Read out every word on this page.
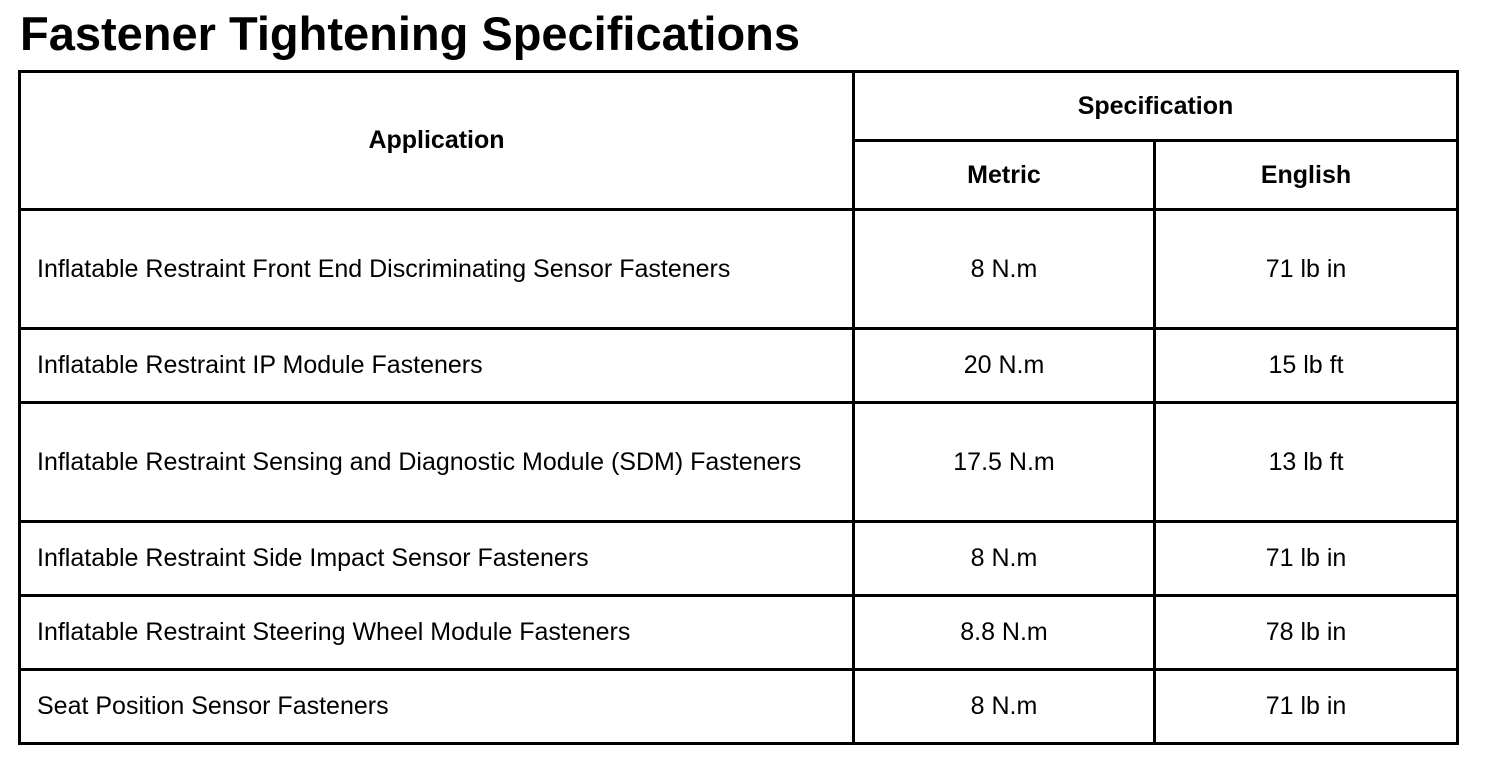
Fastener Tightening Specifications
Application	Specification	
	Metric	English
Inflatable Restraint Front End Discriminating Sensor Fasteners	8 N.m	71 lb in
Inflatable Restraint IP Module Fasteners	20 N.m	15 lb ft
Inflatable Restraint Sensing and Diagnostic Module (SDM) Fasteners	17.5 N.m	13 lb ft
Inflatable Restraint Side Impact Sensor Fasteners	8 N.m	71 lb in
Inflatable Restraint Steering Wheel Module Fasteners	8.8 N.m	78 lb in
Seat Position Sensor Fasteners	8 N.m	71 lb in
